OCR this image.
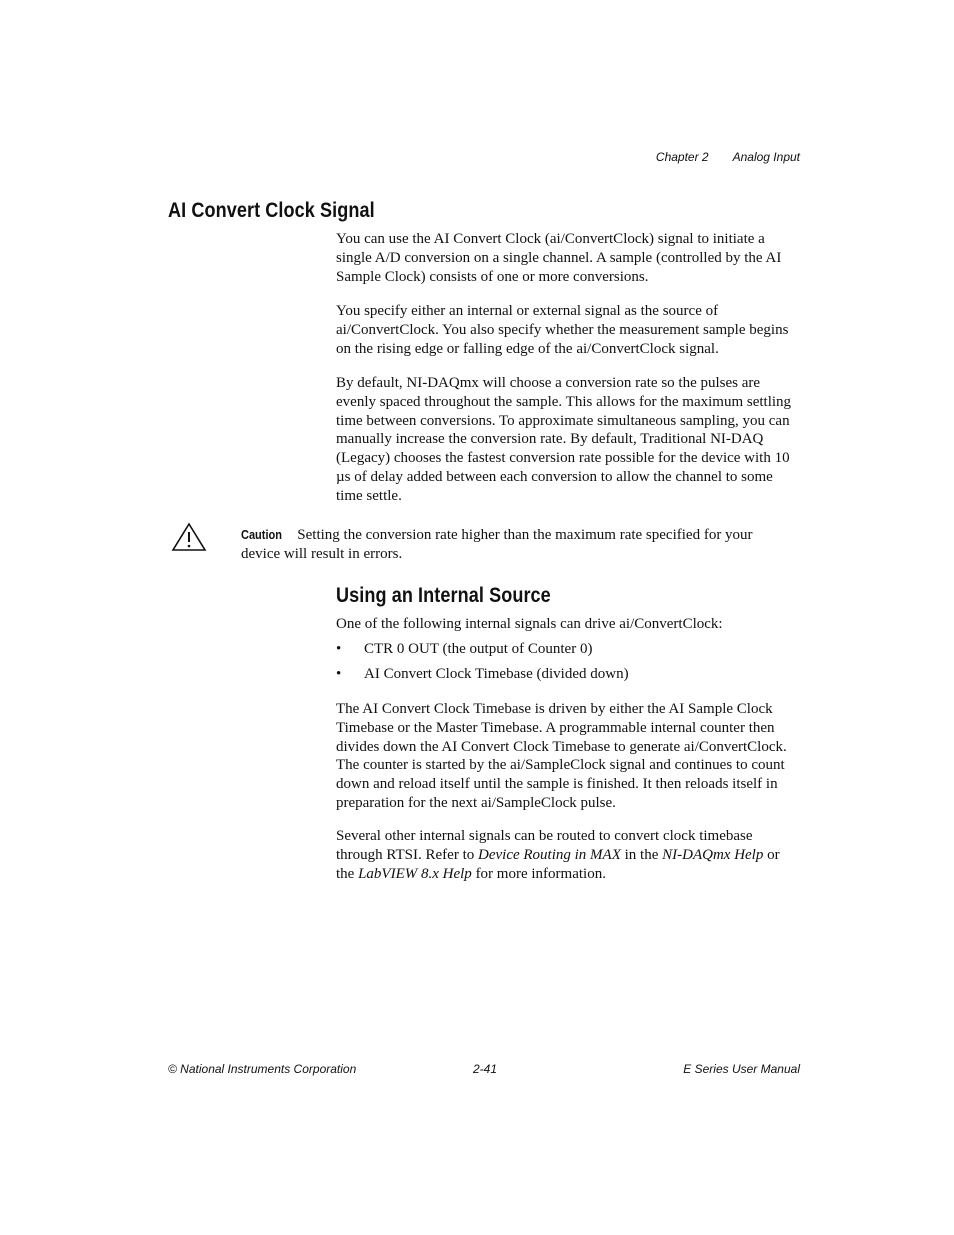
Chapter 2 Analog Input
AI Convert Clock Signal

You can use the AI Convert Clock (ai/ConvertClock) signal to initiate a single A/D conversion on a single channel. A sample (controlled by the AI Sample Clock) consists of one or more conversions.

You specify either an internal or external signal as the source of ai/ConvertClock. You also specify whether the measurement sample begins on the rising edge or falling edge of the ai/ConvertClock signal.

By default, NI-DAQmx will choose a conversion rate so the pulses are evenly spaced throughout the sample. This allows for the maximum settling time between conversions. To approximate simultaneous sampling, you can manually increase the conversion rate. By default, Traditional NI-DAQ (Legacy) chooses the fastest conversion rate possible for the device with 10 µs of delay added between each conversion to allow the channel to some time settle.

Caution Setting the conversion rate higher than the maximum rate specified for your device will result in errors.
Using an Internal Source

One of the following internal signals can drive ai/ConvertClock:

• CTR 0 OUT (the output of Counter 0)
• AI Convert Clock Timebase (divided down)

The AI Convert Clock Timebase is driven by either the AI Sample Clock Timebase or the Master Timebase. A programmable internal counter then divides down the AI Convert Clock Timebase to generate ai/ConvertClock. The counter is started by the ai/SampleClock signal and continues to count down and reload itself until the sample is finished. It then reloads itself in preparation for the next ai/SampleClock pulse.

Several other internal signals can be routed to convert clock timebase through RTSI. Refer to Device Routing in MAX in the NI-DAQmx Help or the LabVIEW 8.x Help for more information.

© National Instruments Corporation	2-41	E Series User Manual
